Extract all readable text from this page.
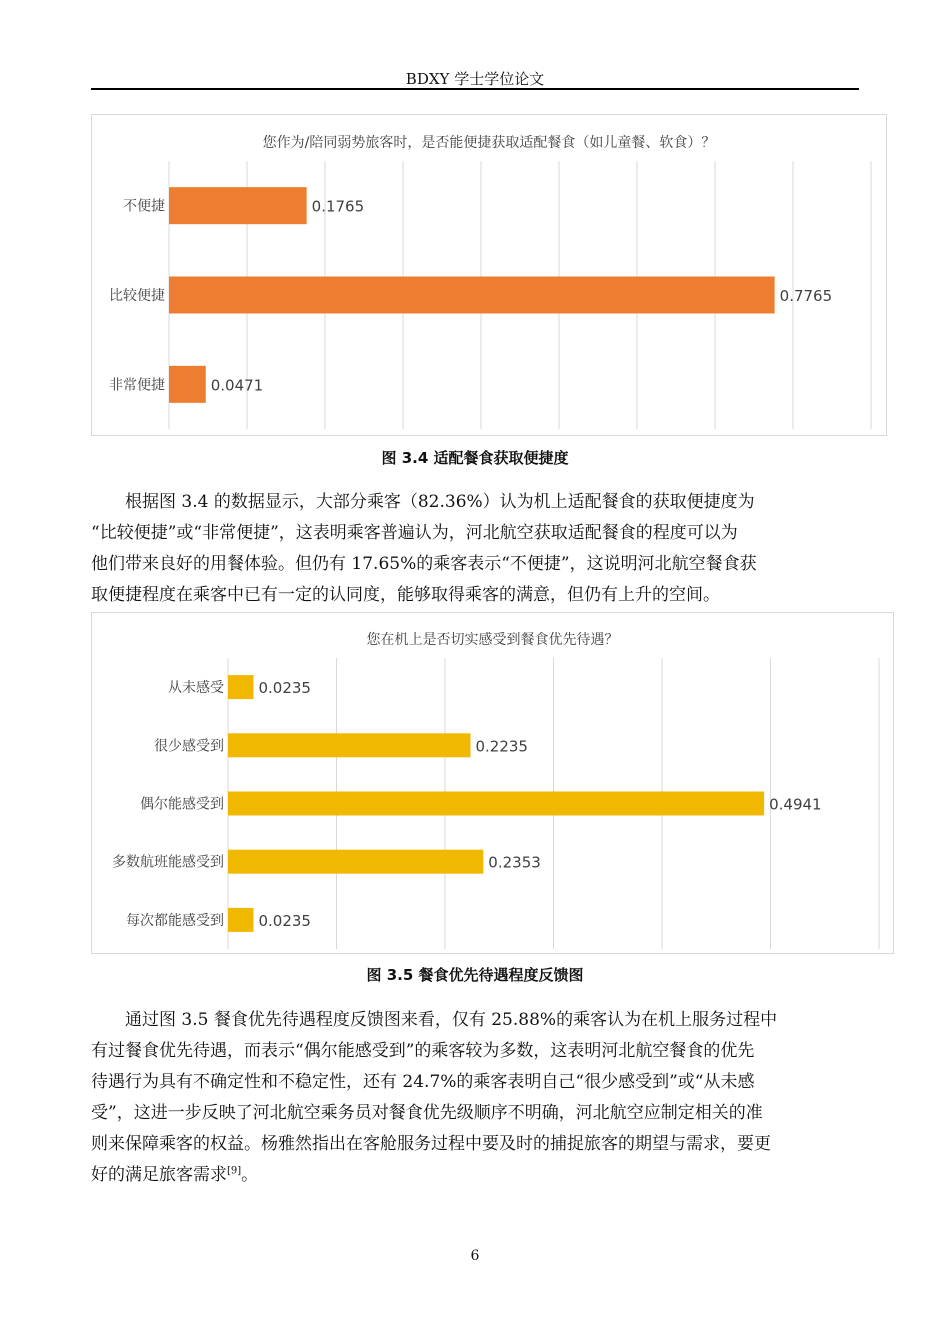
BDXY 学士学位论文
您作为/陪同弱势旅客时，是否能便捷获取适配餐食（如儿童餐、软食）？
不便捷	0.1765
比较便捷	0.7765
非常便捷	0.0471
图 3.4 适配餐食获取便捷度
根据图 3.4 的数据显示，大部分乘客（82.36%）认为机上适配餐食的获取便捷度为
“比较便捷”或“非常便捷”，这表明乘客普遍认为，河北航空获取适配餐食的程度可以为
他们带来良好的用餐体验。但仍有 17.65%的乘客表示“不便捷”，这说明河北航空餐食获
取便捷程度在乘客中已有一定的认同度，能够取得乘客的满意，但仍有上升的空间。
您在机上是否切实感受到餐食优先待遇？
从未感受 0.0235
很少感受到	0.2235
偶尔能感受到	0.4941
多数航班能感受到	0.2353
每次都能感受到 0.0235
图 3.5 餐食优先待遇程度反馈图
通过图 3.5 餐食优先待遇程度反馈图来看，仅有 25.88%的乘客认为在机上服务过程中
有过餐食优先待遇，而表示“偶尔能感受到”的乘客较为多数，这表明河北航空餐食的优先
待遇行为具有不确定性和不稳定性，还有 24.7%的乘客表明自己“很少感受到”或“从未感
受”，这进一步反映了河北航空乘务员对餐食优先级顺序不明确，河北航空应制定相关的准
则来保障乘客的权益。杨雅然指出在客舱服务过程中要及时的捕捉旅客的期望与需求，要更
好的满足旅客需求[9]。
6
